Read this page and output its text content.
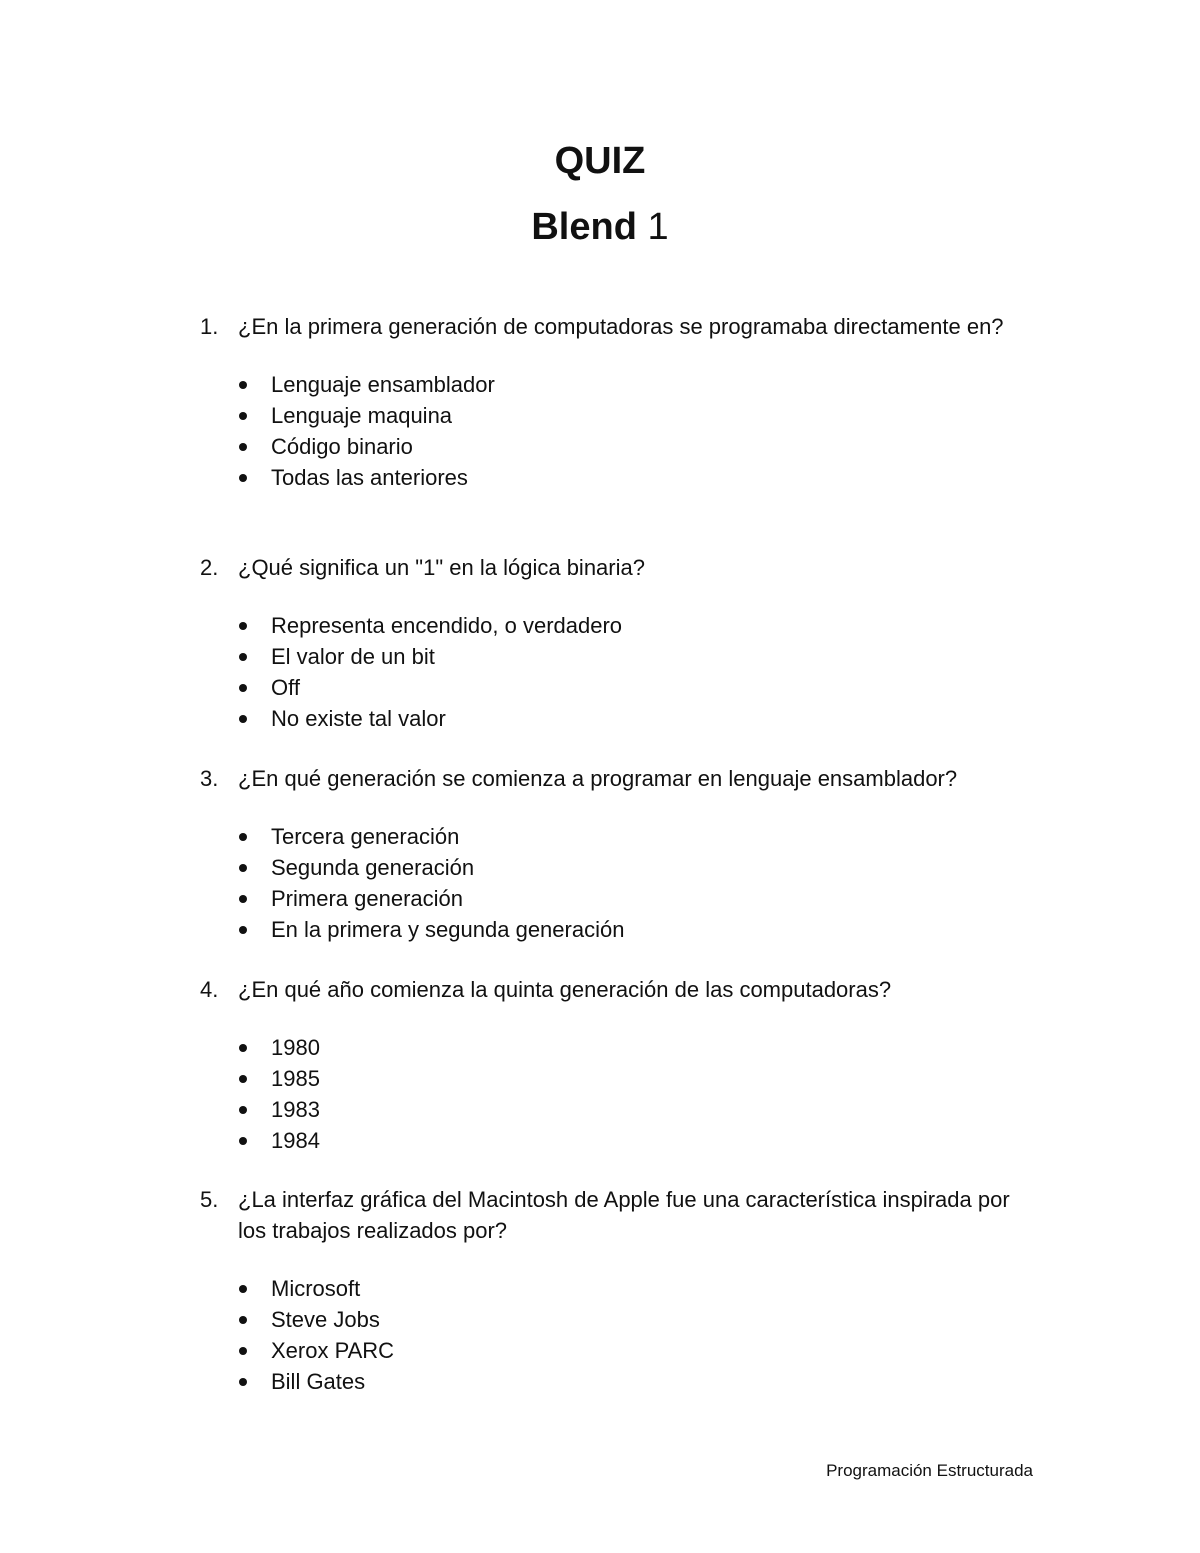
QUIZ
Blend 1

1. ¿En la primera generación de computadoras se programaba directamente en?

Lenguaje ensamblador
Lenguaje maquina
Código binario
Todas las anteriores

2. ¿Qué significa un "1" en la lógica binaria?

Representa encendido, o verdadero
El valor de un bit
Off
No existe tal valor

3. ¿En qué generación se comienza a programar en lenguaje ensamblador?

Tercera generación
Segunda generación
Primera generación
En la primera y segunda generación

4. ¿En qué año comienza la quinta generación de las computadoras?

1980
1985
1983
1984

5. ¿La interfaz gráfica del Macintosh de Apple fue una característica inspirada por los trabajos realizados por?

Microsoft
Steve Jobs
Xerox PARC
Bill Gates
Programación Estructurada
